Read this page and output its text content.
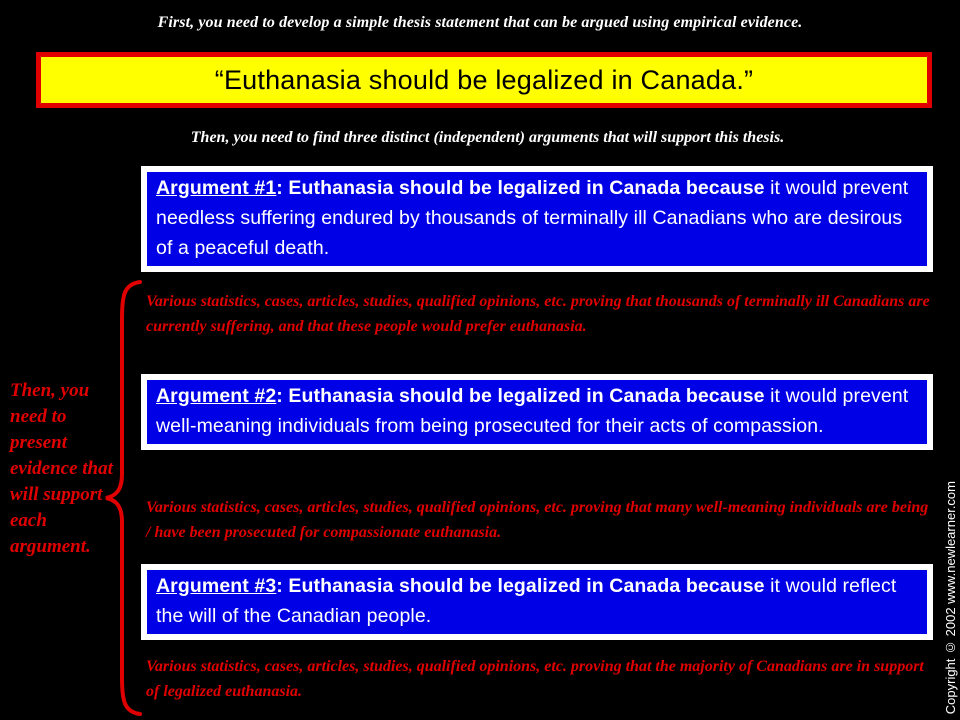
First, you need to develop a simple thesis statement that can be argued using empirical evidence.
“Euthanasia should be legalized in Canada.”
Then, you need to find three distinct (independent) arguments that will support this thesis.
Argument #1: Euthanasia should be legalized in Canada because it would prevent needless suffering endured by thousands of terminally ill Canadians who are desirous of a peaceful death.
Various statistics, cases, articles, studies, qualified opinions, etc. proving that thousands of terminally ill Canadians are currently suffering, and that these people would prefer euthanasia.
Argument #2: Euthanasia should be legalized in Canada because it would prevent well-meaning individuals from being prosecuted for their acts of compassion.
Various statistics, cases, articles, studies, qualified opinions, etc. proving that many well-meaning individuals are being / have been prosecuted for compassionate euthanasia.
Argument #3: Euthanasia should be legalized in Canada because it would reflect the will of the Canadian people.
Various statistics, cases, articles, studies, qualified opinions, etc. proving that the majority of Canadians are in support of legalized euthanasia.
Then, you need to present evidence that will support each argument.	Copyright © 2002 www.newlearner.com
